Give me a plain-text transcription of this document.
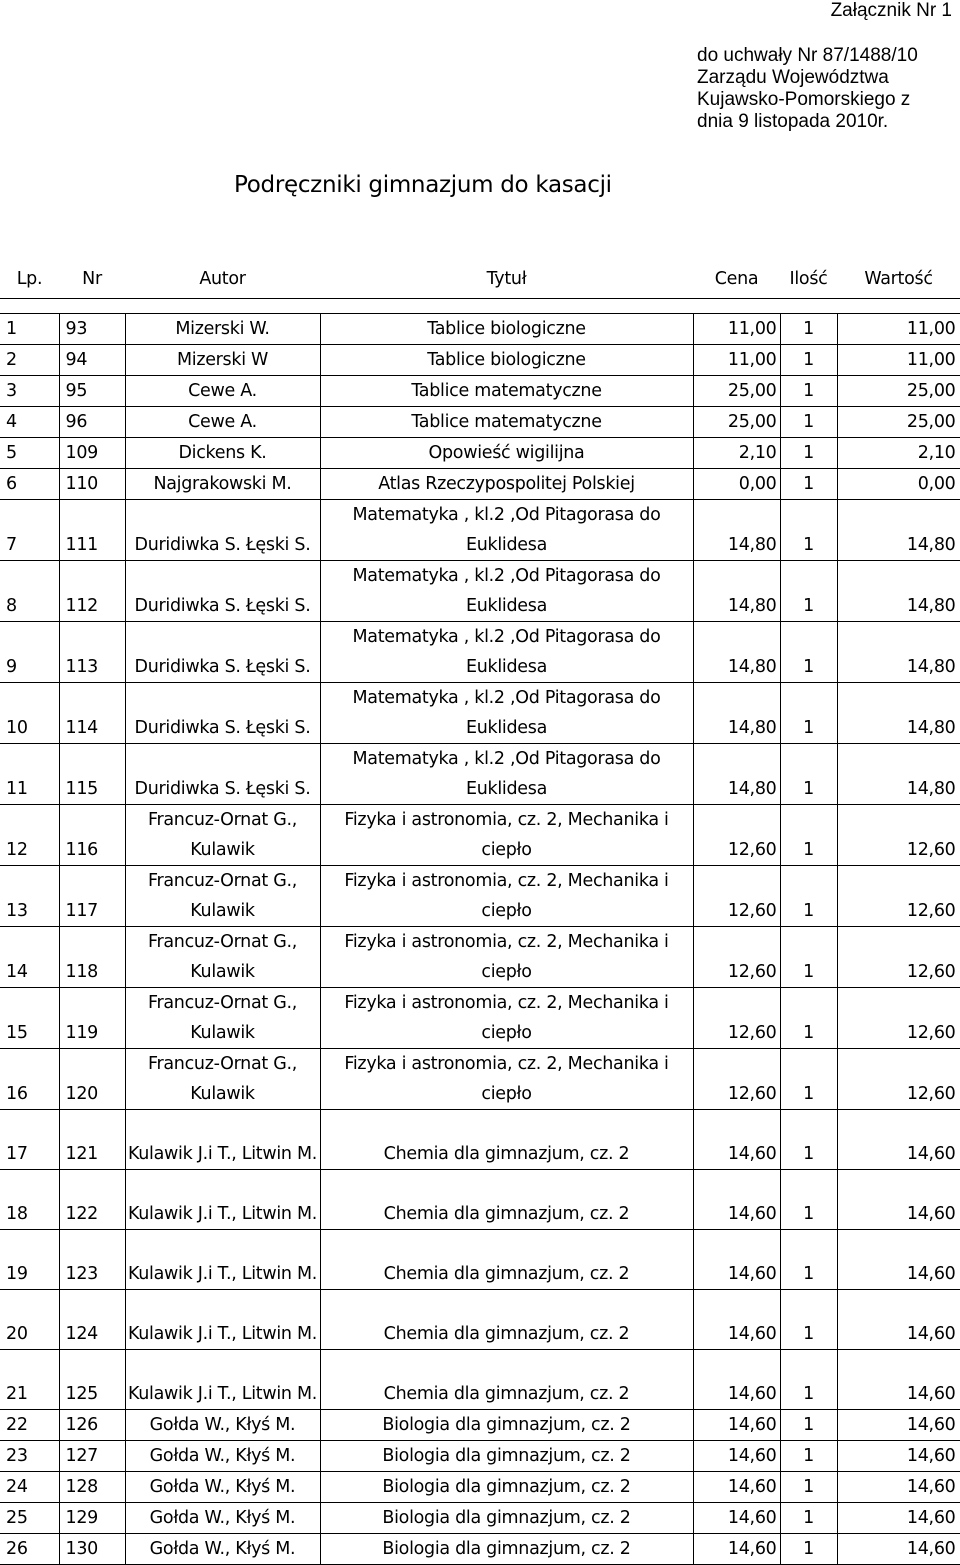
Załącznik Nr 1
do uchwały Nr 87/1488/10
Zarządu Województwa
Kujawsko-Pomorskiego z
dnia 9 listopada 2010r.
Podręczniki gimnazjum do kasacji
Lp.	Nr	Autor	Tytuł	Cena	Ilość	Wartość

1	93	Mizerski W.	Tablice biologiczne	11,00	1	11,00
2	94	Mizerski W	Tablice biologiczne	11,00	1	11,00
3	95	Cewe A.	Tablice matematyczne	25,00	1	25,00
4	96	Cewe A.	Tablice matematyczne	25,00	1	25,00
5	109	Dickens K.	Opowieść wigilijna	2,10	1	2,10
6	110	Najgrakowski M.	Atlas Rzeczypospolitej Polskiej	0,00	1	0,00
7	111	Duridiwka S. Łęski S.	Matematyka , kl.2 ,Od Pitagorasa do Euklidesa	14,80	1	14,80
8	112	Duridiwka S. Łęski S.	Matematyka , kl.2 ,Od Pitagorasa do Euklidesa	14,80	1	14,80
9	113	Duridiwka S. Łęski S.	Matematyka , kl.2 ,Od Pitagorasa do Euklidesa	14,80	1	14,80
10	114	Duridiwka S. Łęski S.	Matematyka , kl.2 ,Od Pitagorasa do Euklidesa	14,80	1	14,80
11	115	Duridiwka S. Łęski S.	Matematyka , kl.2 ,Od Pitagorasa do Euklidesa	14,80	1	14,80
12	116	Francuz-Ornat G., Kulawik	Fizyka i astronomia, cz. 2, Mechanika i ciepło	12,60	1	12,60
13	117	Francuz-Ornat G., Kulawik	Fizyka i astronomia, cz. 2, Mechanika i ciepło	12,60	1	12,60
14	118	Francuz-Ornat G., Kulawik	Fizyka i astronomia, cz. 2, Mechanika i ciepło	12,60	1	12,60
15	119	Francuz-Ornat G., Kulawik	Fizyka i astronomia, cz. 2, Mechanika i ciepło	12,60	1	12,60
16	120	Francuz-Ornat G., Kulawik	Fizyka i astronomia, cz. 2, Mechanika i ciepło	12,60	1	12,60
17	121	Kulawik J.i T., Litwin M.	Chemia dla gimnazjum, cz. 2	14,60	1	14,60
18	122	Kulawik J.i T., Litwin M.	Chemia dla gimnazjum, cz. 2	14,60	1	14,60
19	123	Kulawik J.i T., Litwin M.	Chemia dla gimnazjum, cz. 2	14,60	1	14,60
20	124	Kulawik J.i T., Litwin M.	Chemia dla gimnazjum, cz. 2	14,60	1	14,60
21	125	Kulawik J.i T., Litwin M.	Chemia dla gimnazjum, cz. 2	14,60	1	14,60
22	126	Gołda W., Kłyś M.	Biologia dla gimnazjum, cz. 2	14,60	1	14,60
23	127	Gołda W., Kłyś M.	Biologia dla gimnazjum, cz. 2	14,60	1	14,60
24	128	Gołda W., Kłyś M.	Biologia dla gimnazjum, cz. 2	14,60	1	14,60
25	129	Gołda W., Kłyś M.	Biologia dla gimnazjum, cz. 2	14,60	1	14,60
26	130	Gołda W., Kłyś M.	Biologia dla gimnazjum, cz. 2	14,60	1	14,60
